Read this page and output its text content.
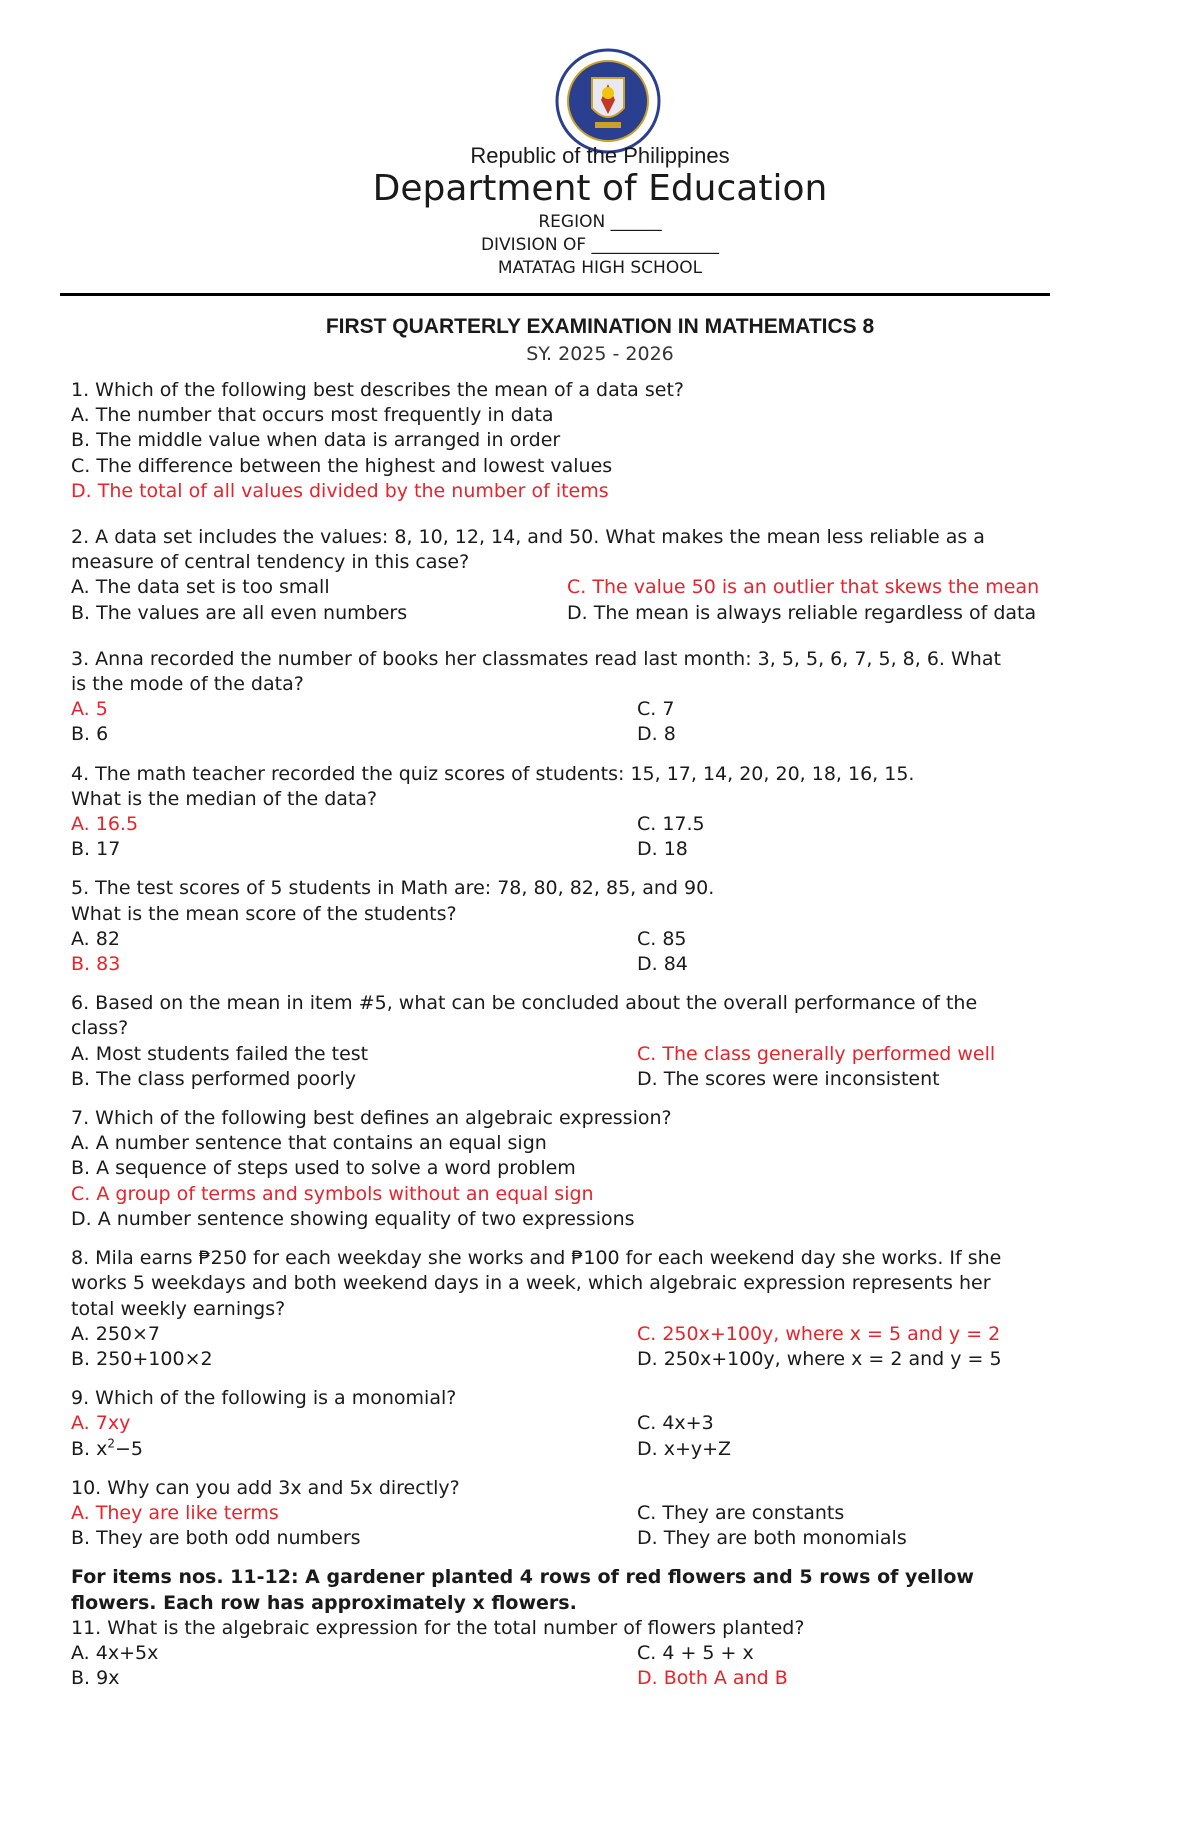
Republic of the Philippines
Department of Education
REGION ______
DIVISION OF _______________
MATATAG HIGH SCHOOL
FIRST QUARTERLY EXAMINATION IN MATHEMATICS 8
SY. 2025 - 2026
1. Which of the following best describes the mean of a data set?
A. The number that occurs most frequently in data
B. The middle value when data is arranged in order
C. The difference between the highest and lowest values
D. The total of all values divided by the number of items
2. A data set includes the values: 8, 10, 12, 14, and 50. What makes the mean less reliable as a
measure of central tendency in this case?
A. The data set is too small	C. The value 50 is an outlier that skews the mean
B. The values are all even numbers	D. The mean is always reliable regardless of data
3. Anna recorded the number of books her classmates read last month: 3, 5, 5, 6, 7, 5, 8, 6. What
is the mode of the data?
A. 5	C. 7
B. 6	D. 8
4. The math teacher recorded the quiz scores of students: 15, 17, 14, 20, 20, 18, 16, 15.
What is the median of the data?
A. 16.5	C. 17.5
B. 17	D. 18
5. The test scores of 5 students in Math are: 78, 80, 82, 85, and 90.
What is the mean score of the students?
A. 82	C. 85
B. 83	D. 84
6. Based on the mean in item #5, what can be concluded about the overall performance of the
class?
A. Most students failed the test	C. The class generally performed well
B. The class performed poorly	D. The scores were inconsistent
7. Which of the following best defines an algebraic expression?
A. A number sentence that contains an equal sign
B. A sequence of steps used to solve a word problem
C. A group of terms and symbols without an equal sign
D. A number sentence showing equality of two expressions
8. Mila earns ₱250 for each weekday she works and ₱100 for each weekend day she works. If she
works 5 weekdays and both weekend days in a week, which algebraic expression represents her
total weekly earnings?
A. 250×7	C. 250x+100y, where x = 5 and y = 2
B. 250+100×2	D. 250x+100y, where x = 2 and y = 5
9. Which of the following is a monomial?
A. 7xy	C. 4x+3
B. $x^2-5$	D. x+y+Z
10. Why can you add 3x and 5x directly?
A. They are like terms	C. They are constants
B. They are both odd numbers	D. They are both monomials
For items nos. 11-12: A gardener planted 4 rows of red flowers and 5 rows of yellow
flowers. Each row has approximately x flowers.
11. What is the algebraic expression for the total number of flowers planted?
A. 4x+5x	C. 4 + 5 + x
B. 9x	D. Both A and B
